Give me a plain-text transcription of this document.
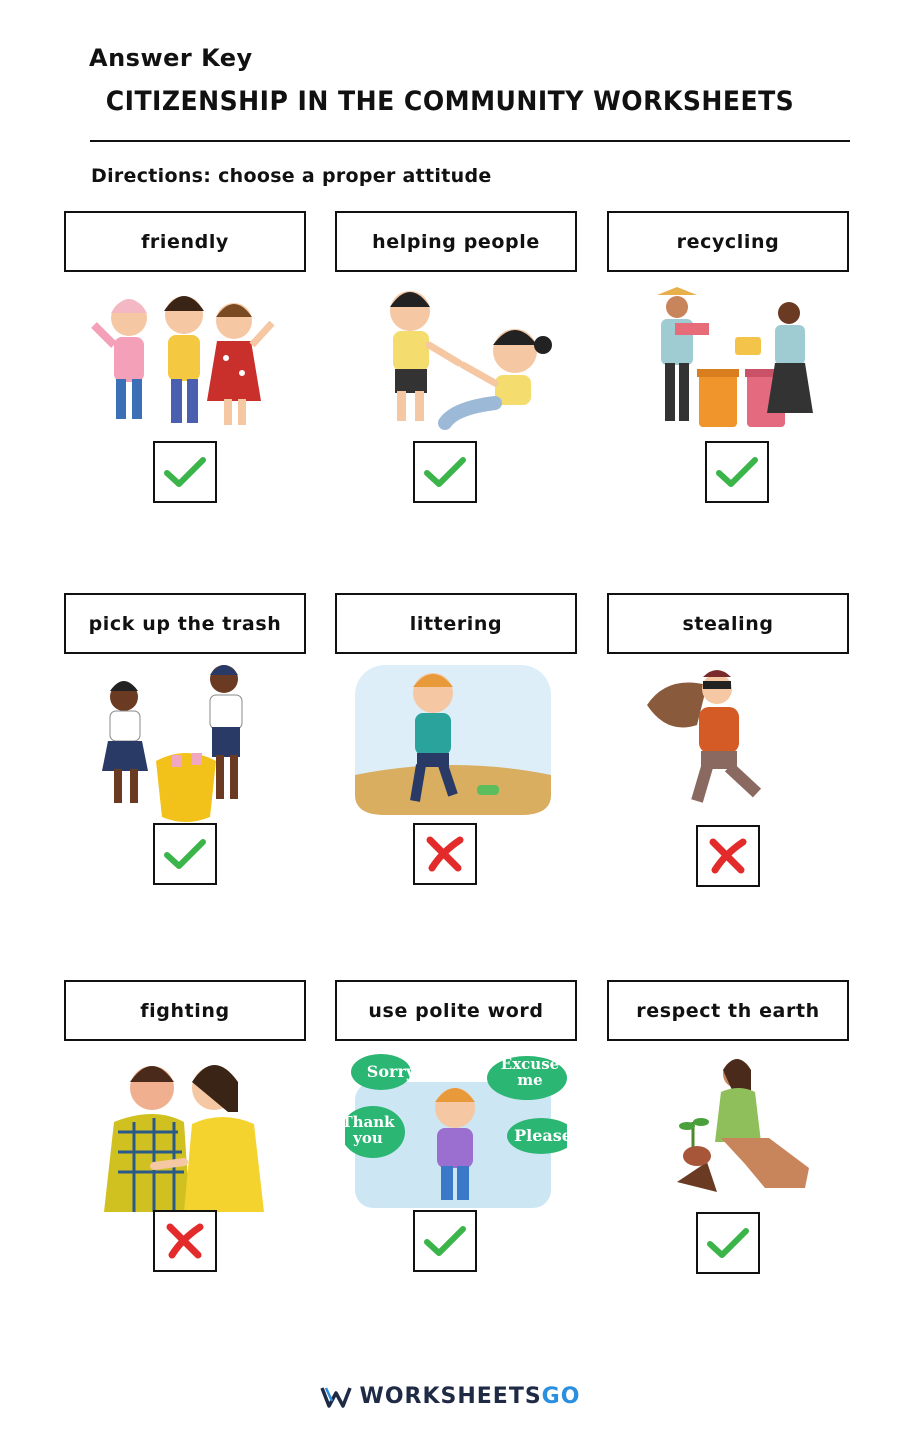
Answer Key
CITIZENSHIP IN THE COMMUNITY WORKSHEETS
Directions: choose a proper attitude
friendly	helping people	recycling
pick up the trash	littering	stealing
fighting	use polite word
Sorry	Excuse me
Thank you	Please
respect th earth
WORKSHEETSGO
